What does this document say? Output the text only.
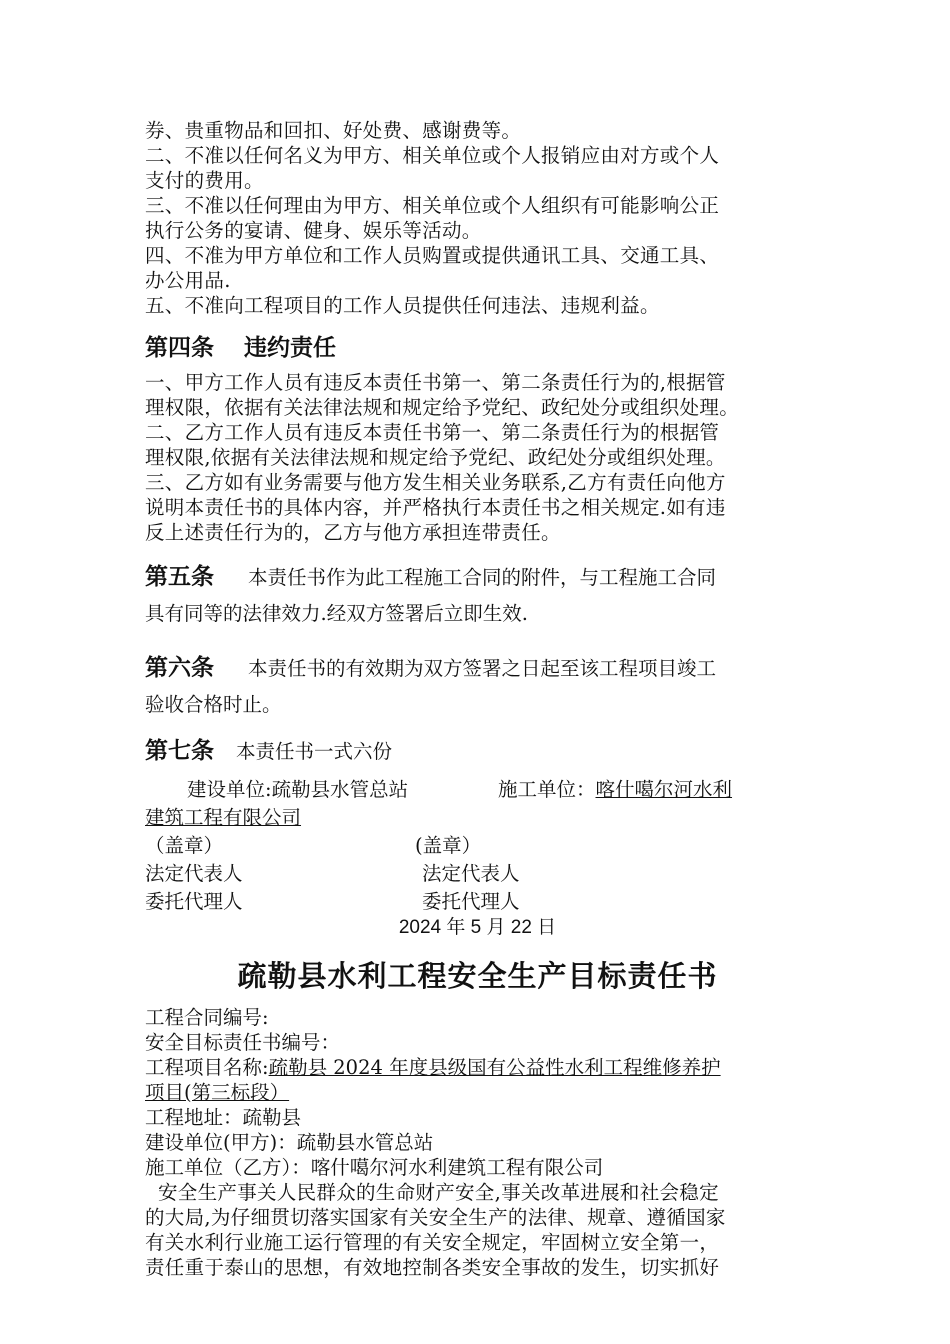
券、贵重物品和回扣、好处费、感谢费等。

二、不准以任何名义为甲方、相关单位或个人报销应由对方或个人

支付的费用。

三、不准以任何理由为甲方、相关单位或个人组织有可能影响公正

执行公务的宴请、健身、娱乐等活动。

四、不准为甲方单位和工作人员购置或提供通讯工具、交通工具、

办公用品.

五、不准向工程项目的工作人员提供任何违法、违规利益。

第四条 违约责任

一、甲方工作人员有违反本责任书第一、第二条责任行为的,根据管

理权限，依据有关法律法规和规定给予党纪、政纪处分或组织处理。

二、乙方工作人员有违反本责任书第一、第二条责任行为的根据管

理权限,依据有关法律法规和规定给予党纪、政纪处分或组织处理。

三、乙方如有业务需要与他方发生相关业务联系,乙方有责任向他方

说明本责任书的具体内容，并严格执行本责任书之相关规定.如有违

反上述责任行为的，乙方与他方承担连带责任。

第五条 本责任书作为此工程施工合同的附件，与工程施工合同
具有同等的法律效力.经双方签署后立即生效.
第六条 本责任书的有效期为双方签署之日起至该工程项目竣工
验收合格时止。
第七条 本责任书一式六份
建设单位:疏勒县水管总站	施工单位：喀什噶尔河水利
建筑工程有限公司
（盖章）	(盖章）
法定代表人	法定代表人
委托代理人	委托代理人
2024 年 5 月 22 日
疏勒县水利工程安全生产目标责任书

工程合同编号:

安全目标责任书编号：

工程项目名称:疏勒县 2024 年度县级国有公益性水利工程维修养护

项目(第三标段）

工程地址：疏勒县

建设单位(甲方)：疏勒县水管总站

施工单位（乙方）：喀什噶尔河水利建筑工程有限公司

安全生产事关人民群众的生命财产安全,事关改革进展和社会稳定

的大局,为仔细贯切落实国家有关安全生产的法律、规章、遵循国家

有关水利行业施工运行管理的有关安全规定，牢固树立安全第一，

责任重于泰山的思想，有效地控制各类安全事故的发生，切实抓好
